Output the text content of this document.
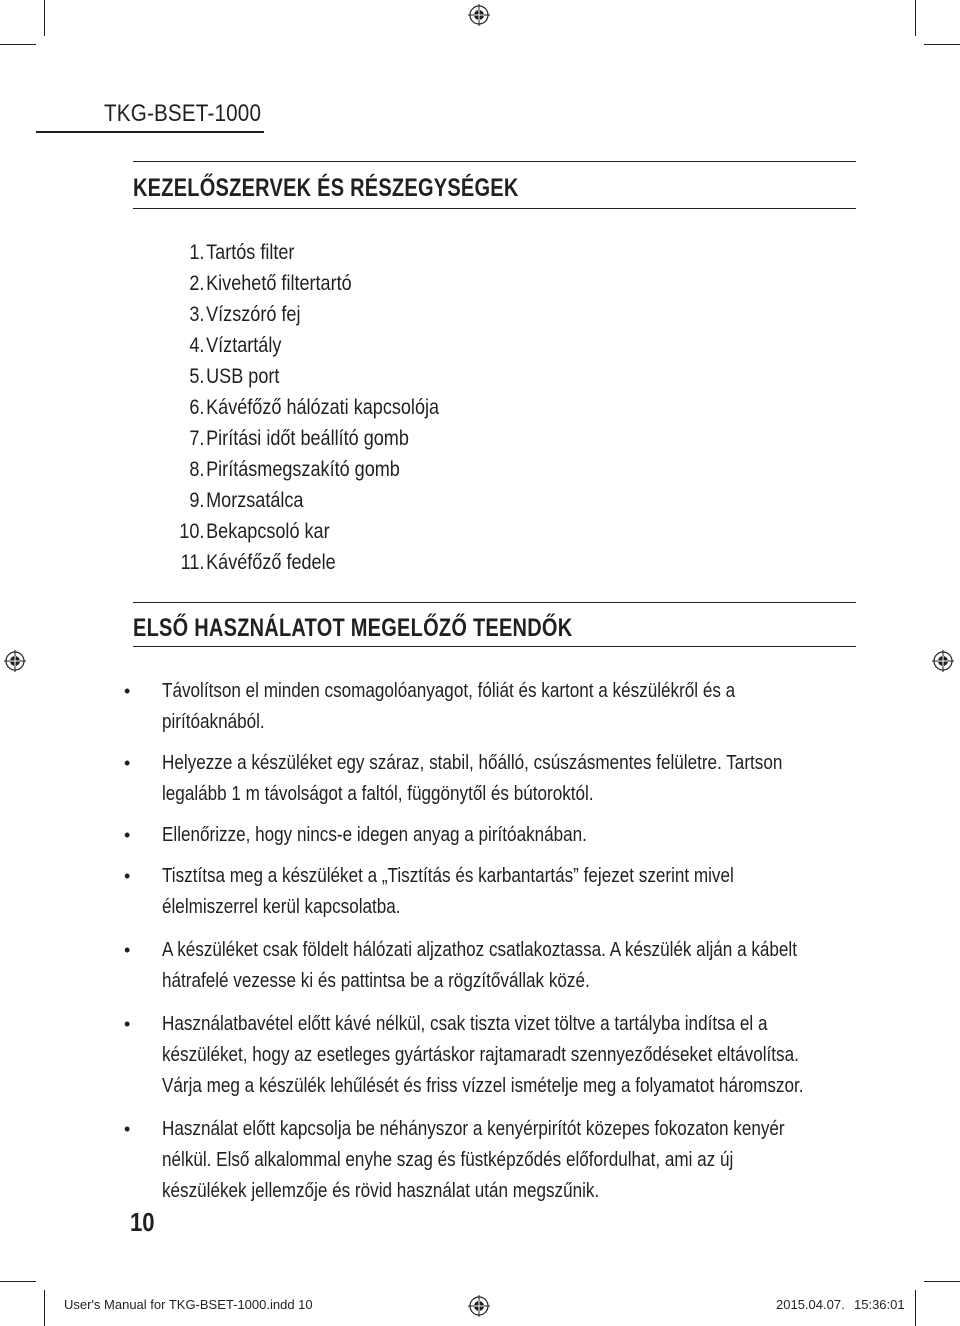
TKG-BSET-1000
KEZELŐSZERVEK ÉS RÉSZEGYSÉGEK
1.Tartós filter
2.Kivehető filtertartó
3.Vízszóró fej
4.Víztartály
5.USB port
6.Kávéfőző hálózati kapcsolója
7.Pirítási időt beállító gomb
8.Pirításmegszakító gomb
9.Morzsatálca
10.Bekapcsoló kar
11.Kávéfőző fedele
ELSŐ HASZNÁLATOT MEGELŐZŐ TEENDŐK
•	Távolítson el minden csomagolóanyagot, fóliát és kartont a készülékről és a pirítóaknából.
•	Helyezze a készüléket egy száraz, stabil, hőálló, csúszásmentes felületre. Tartson legalább 1 m távolságot a faltól, függönytől és bútoroktól.
•	Ellenőrizze, hogy nincs-e idegen anyag a pirítóaknában.
•	Tisztítsa meg a készüléket a „Tisztítás és karbantartás” fejezet szerint mivel élelmiszerrel kerül kapcsolatba.
•	A készüléket csak földelt hálózati aljzathoz csatlakoztassa. A készülék alján a kábelt hátrafelé vezesse ki és pattintsa be a rögzítővállak közé.
•	Használatbavétel előtt kávé nélkül, csak tiszta vizet töltve a tartályba indítsa el a készüléket, hogy az esetleges gyártáskor rajtamaradt szennyeződéseket eltávolítsa. Várja meg a készülék lehűlését és friss vízzel ismételje meg a folyamatot háromszor.
•	Használat előtt kapcsolja be néhányszor a kenyérpirítót közepes fokozaton kenyér nélkül. Első alkalommal enyhe szag és füstképződés előfordulhat, ami az új készülékek jellemzője és rövid használat után megszűnik.
10
User's Manual for TKG-BSET-1000.indd 10	2015.04.07. 15:36:01
